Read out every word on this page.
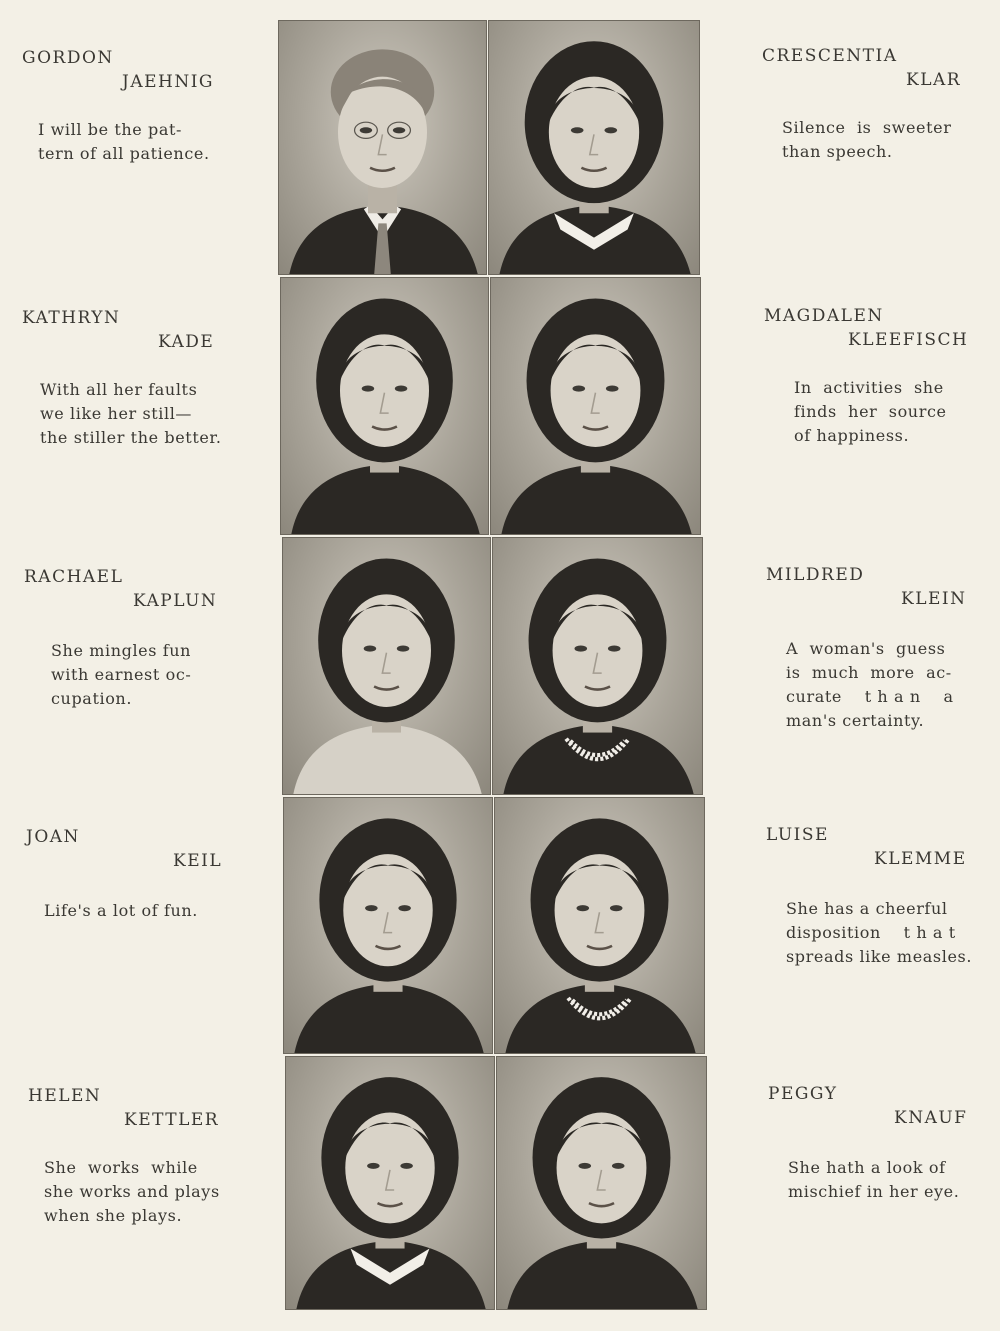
GORDON
JAEHNIG
I will be the pat-
tern of all patience.
KATHRYN
KADE
With all her faults
we like her still—
the stiller the better.
RACHAEL
KAPLUN
She mingles fun
with earnest oc-
cupation.
JOAN
KEIL
Life's a lot of fun.
HELEN
KETTLER
She  works  while
she works and plays
when she plays.
CRESCENTIA
KLAR
Silence  is  sweeter
than speech.
MAGDALEN
KLEEFISCH
In  activities  she
finds  her  source
of happiness.
MILDRED
KLEIN
A  woman's  guess
is  much  more  ac-
curate    t h a n    a
man's certainty.
LUISE
KLEMME
She has a cheerful
disposition    t h a t
spreads like measles.
PEGGY
KNAUF
She hath a look of
mischief in her eye.
